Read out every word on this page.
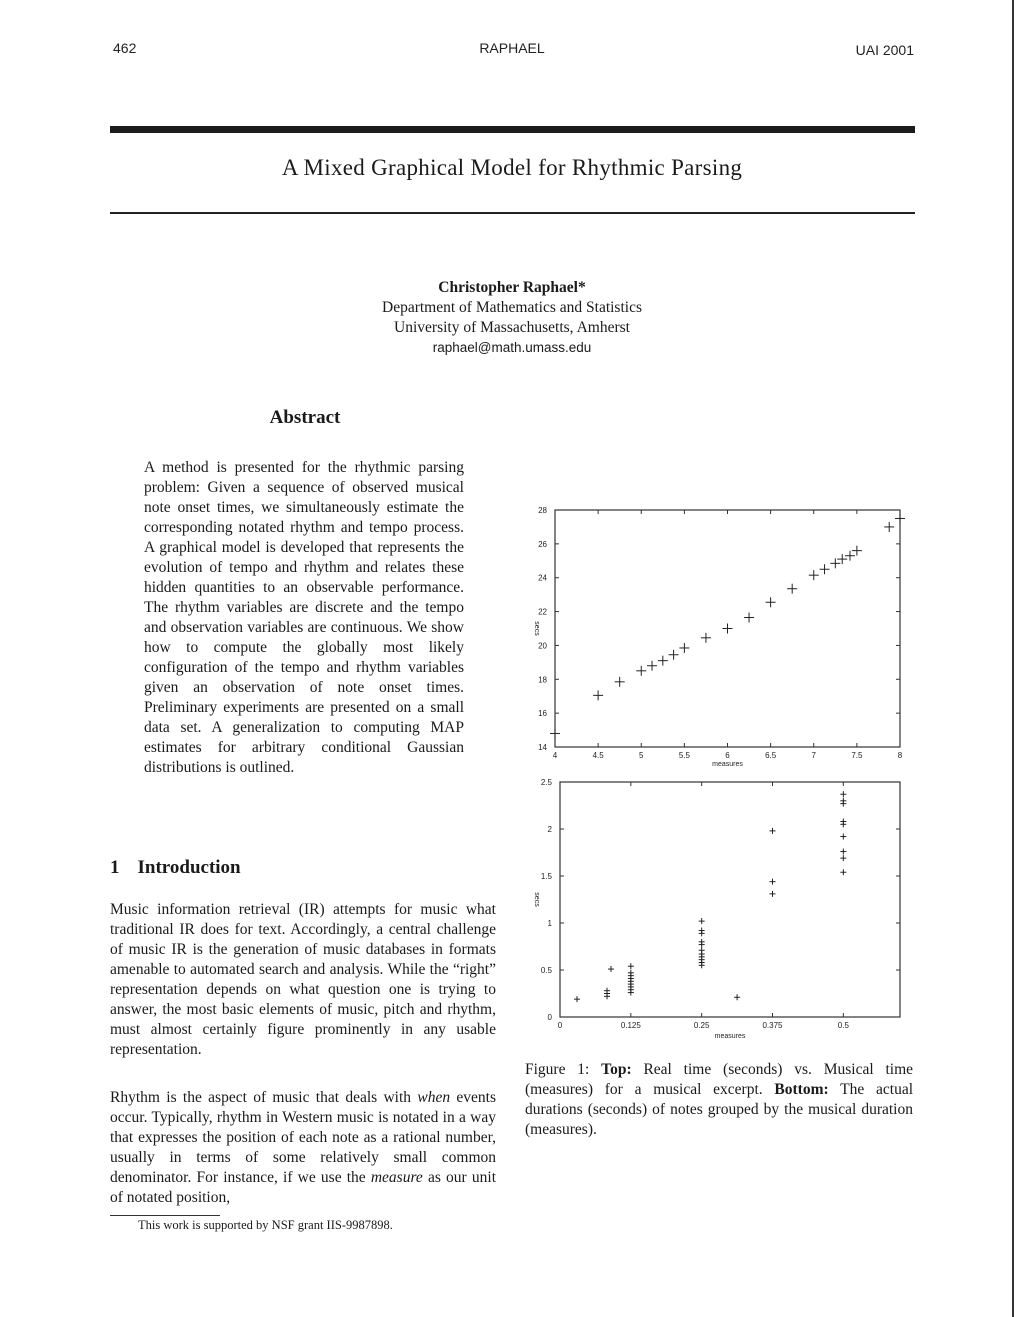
462	RAPHAEL	UAI 2001
A Mixed Graphical Model for Rhythmic Parsing
Christopher Raphael*
Department of Mathematics and Statistics
University of Massachusetts, Amherst
raphael@math.umass.edu
Abstract
A method is presented for the rhythmic parsing problem: Given a sequence of observed musical note onset times, we simultaneously estimate the corresponding notated rhythm and tempo process. A graphical model is developed that represents the evolution of tempo and rhythm and relates these hidden quantities to an observable performance. The rhythm variables are discrete and the tempo and observation variables are continuous. We show how to compute the globally most likely configuration of the tempo and rhythm variables given an observation of note onset times. Preliminary experiments are presented on a small data set. A generalization to computing MAP estimates for arbitrary conditional Gaussian distributions is outlined.
1 Introduction
Music information retrieval (IR) attempts for music what traditional IR does for text. Accordingly, a central challenge of music IR is the generation of music databases in formats amenable to automated search and analysis. While the “right” representation depends on what question one is trying to answer, the most basic elements of music, pitch and rhythm, must almost certainly figure prominently in any usable representation.
Rhythm is the aspect of music that deals with when events occur. Typically, rhythm in Western music is notated in a way that expresses the position of each note as a rational number, usually in terms of some relatively small common denominator. For instance, if we use the measure as our unit of notated position,
This work is supported by NSF grant IIS-9987898.
4	4.5	5	5.5	6	6.5	7	7.5	8
14
16
18
20
22
24
26
28
measures
secs
0	0.125	0.25	0.375	0.5
0
0.5
1
1.5
2
2.5
measures
secs
Figure 1: Top: Real time (seconds) vs. Musical time (measures) for a musical excerpt. Bottom: The actual durations (seconds) of notes grouped by the musical duration (measures).
